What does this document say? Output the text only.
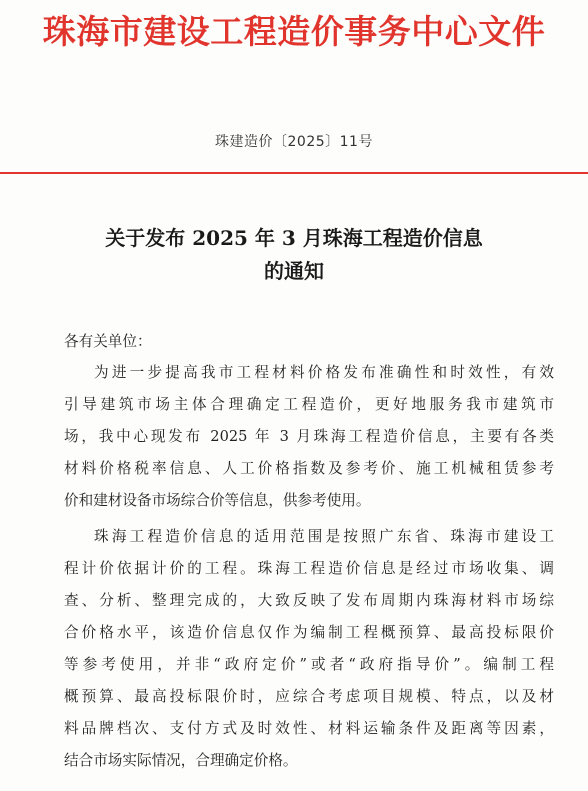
珠海市建设工程造价事务中心文件
珠建造价〔2025〕11号
关于发布 2025 年 3 月珠海工程造价信息
的通知

各有关单位：

为进一步提高我市工程材料价格发布准确性和时效性，有效
引导建筑市场主体合理确定工程造价，更好地服务我市建筑市
场，我中心现发布 2025 年 3 月珠海工程造价信息，主要有各类
材料价格税率信息、人工价格指数及参考价、施工机械租赁参考
价和建材设备市场综合价等信息，供参考使用。
珠海工程造价信息的适用范围是按照广东省、珠海市建设工
程计价依据计价的工程。珠海工程造价信息是经过市场收集、调
查、分析、整理完成的，大致反映了发布周期内珠海材料市场综
合价格水平，该造价信息仅作为编制工程概预算、最高投标限价
等参考使用，并非“政府定价”或者“政府指导价”。编制工程
概预算、最高投标限价时，应综合考虑项目规模、特点，以及材
料品牌档次、支付方式及时效性、材料运输条件及距离等因素，
结合市场实际情况，合理确定价格。
